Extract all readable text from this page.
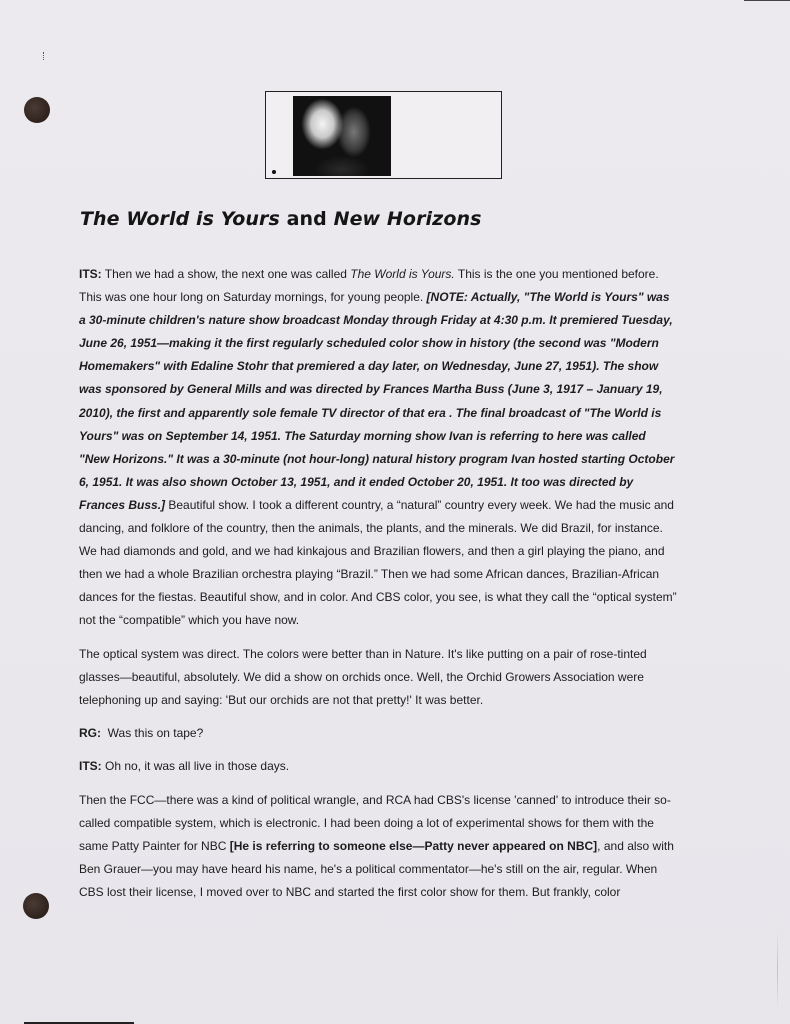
The World is Yours and New Horizons

ITS: Then we had a show, the next one was called The World is Yours. This is the one you mentioned before. This was one hour long on Saturday mornings, for young people. [NOTE: Actually, "The World is Yours" was a 30-minute children's nature show broadcast Monday through Friday at 4:30 p.m. It premiered Tuesday, June 26, 1951—making it the first regularly scheduled color show in history (the second was "Modern Homemakers" with Edaline Stohr that premiered a day later, on Wednesday, June 27, 1951). The show was sponsored by General Mills and was directed by Frances Martha Buss (June 3, 1917 – January 19, 2010), the first and apparently sole female TV director of that era . The final broadcast of "The World is Yours" was on September 14, 1951. The Saturday morning show Ivan is referring to here was called "New Horizons." It was a 30-minute (not hour-long) natural history program Ivan hosted starting October 6, 1951. It was also shown October 13, 1951, and it ended October 20, 1951. It too was directed by Frances Buss.] Beautiful show. I took a different country, a “natural” country every week. We had the music and dancing, and folklore of the country, then the animals, the plants, and the minerals. We did Brazil, for instance. We had diamonds and gold, and we had kinkajous and Brazilian flowers, and then a girl playing the piano, and then we had a whole Brazilian orchestra playing “Brazil.” Then we had some African dances, Brazilian-African dances for the fiestas. Beautiful show, and in color. And CBS color, you see, is what they call the “optical system” not the “compatible” which you have now.

The optical system was direct. The colors were better than in Nature. It's like putting on a pair of rose-tinted glasses—beautiful, absolutely. We did a show on orchids once. Well, the Orchid Growers Association were telephoning up and saying: 'But our orchids are not that pretty!' It was better.

RG:  Was this on tape?

ITS: Oh no, it was all live in those days.

Then the FCC—there was a kind of political wrangle, and RCA had CBS's license 'canned' to introduce their so-called compatible system, which is electronic. I had been doing a lot of experimental shows for them with the same Patty Painter for NBC [He is referring to someone else—Patty never appeared on NBC], and also with Ben Grauer—you may have heard his name, he's a political commentator—he's still on the air, regular. When CBS lost their license, I moved over to NBC and started the first color show for them. But frankly, color
